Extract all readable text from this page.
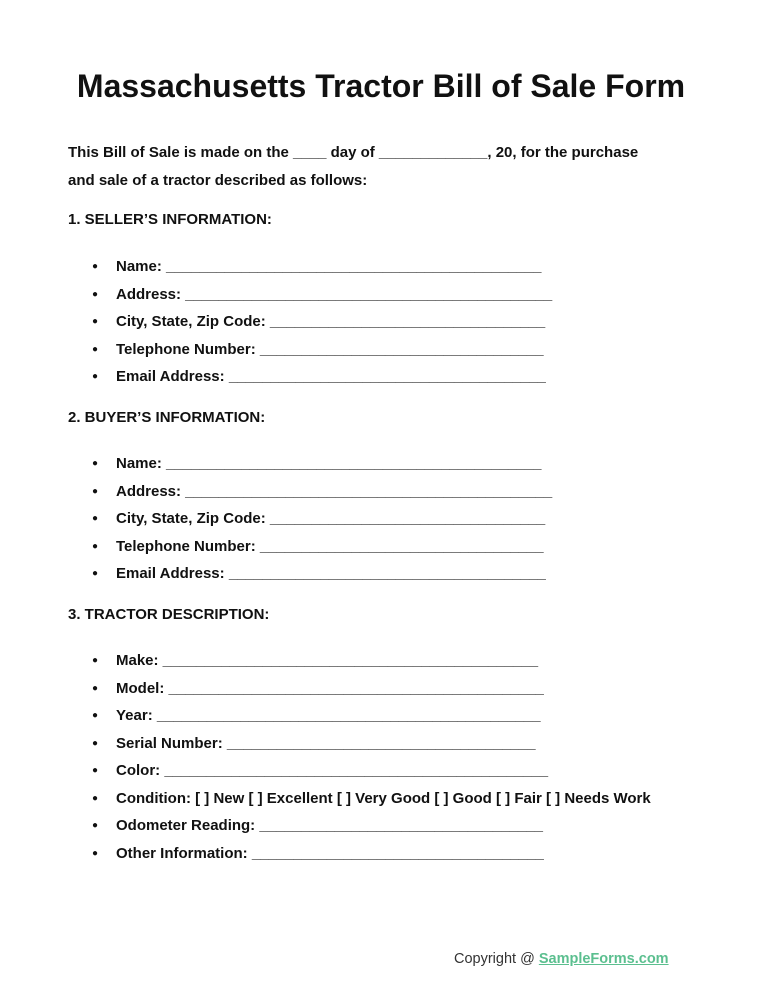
Massachusetts Tractor Bill of Sale Form

This Bill of Sale is made on the ____ day of _____________, 20, for the purchase
and sale of a tractor described as follows:

1. SELLER’S INFORMATION:
● Name: _____________________________________________
● Address: ____________________________________________
● City, State, Zip Code: _________________________________
● Telephone Number: __________________________________
● Email Address: ______________________________________
2. BUYER’S INFORMATION:
● Name: _____________________________________________
● Address: ____________________________________________
● City, State, Zip Code: _________________________________
● Telephone Number: __________________________________
● Email Address: ______________________________________
3. TRACTOR DESCRIPTION:
● Make: _____________________________________________
● Model: _____________________________________________
● Year: ______________________________________________
● Serial Number: _____________________________________
● Color: ______________________________________________
● Condition: [ ] New [ ] Excellent [ ] Very Good [ ] Good [ ] Fair [ ] Needs Work
● Odometer Reading: __________________________________
● Other Information: ___________________________________
Copyright @ SampleForms.com
